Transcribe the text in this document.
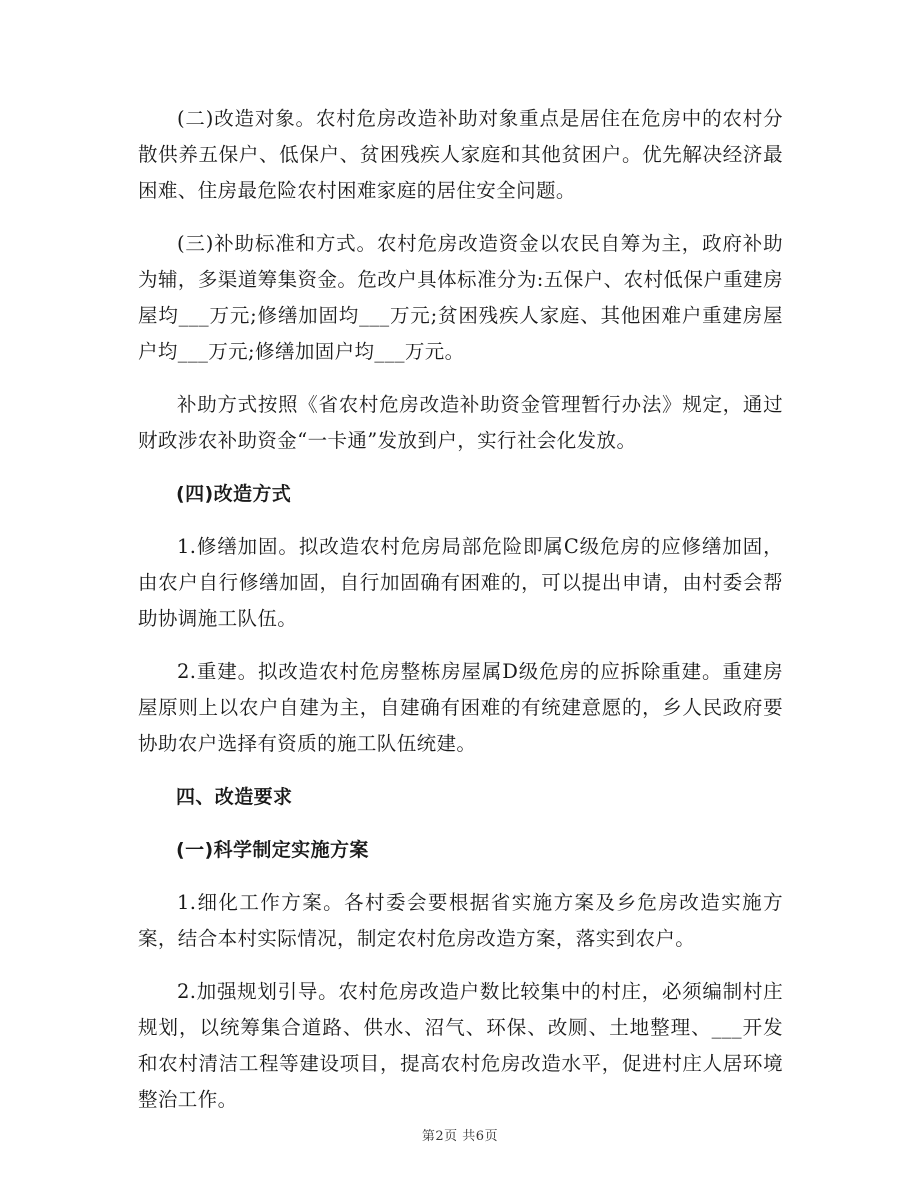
(二)改造对象。农村危房改造补助对象重点是居住在危房中的农村分散供养五保户、低保户、贫困残疾人家庭和其他贫困户。优先解决经济最困难、住房最危险农村困难家庭的居住安全问题。

(三)补助标准和方式。农村危房改造资金以农民自筹为主，政府补助为辅，多渠道筹集资金。危改户具体标准分为:五保户、农村低保户重建房屋均___万元;修缮加固均___万元;贫困残疾人家庭、其他困难户重建房屋户均___万元;修缮加固户均___万元。

补助方式按照《省农村危房改造补助资金管理暂行办法》规定，通过财政涉农补助资金“一卡通”发放到户，实行社会化发放。

(四)改造方式

1.修缮加固。拟改造农村危房局部危险即属C级危房的应修缮加固，由农户自行修缮加固，自行加固确有困难的，可以提出申请，由村委会帮助协调施工队伍。

2.重建。拟改造农村危房整栋房屋属D级危房的应拆除重建。重建房屋原则上以农户自建为主，自建确有困难的有统建意愿的，乡人民政府要协助农户选择有资质的施工队伍统建。

四、改造要求

(一)科学制定实施方案

1.细化工作方案。各村委会要根据省实施方案及乡危房改造实施方案，结合本村实际情况，制定农村危房改造方案，落实到农户。

2.加强规划引导。农村危房改造户数比较集中的村庄，必须编制村庄规划，以统筹集合道路、供水、沼气、环保、改厕、土地整理、___开发和农村清洁工程等建设项目，提高农村危房改造水平，促进村庄人居环境整治工作。

第2页 共6页
